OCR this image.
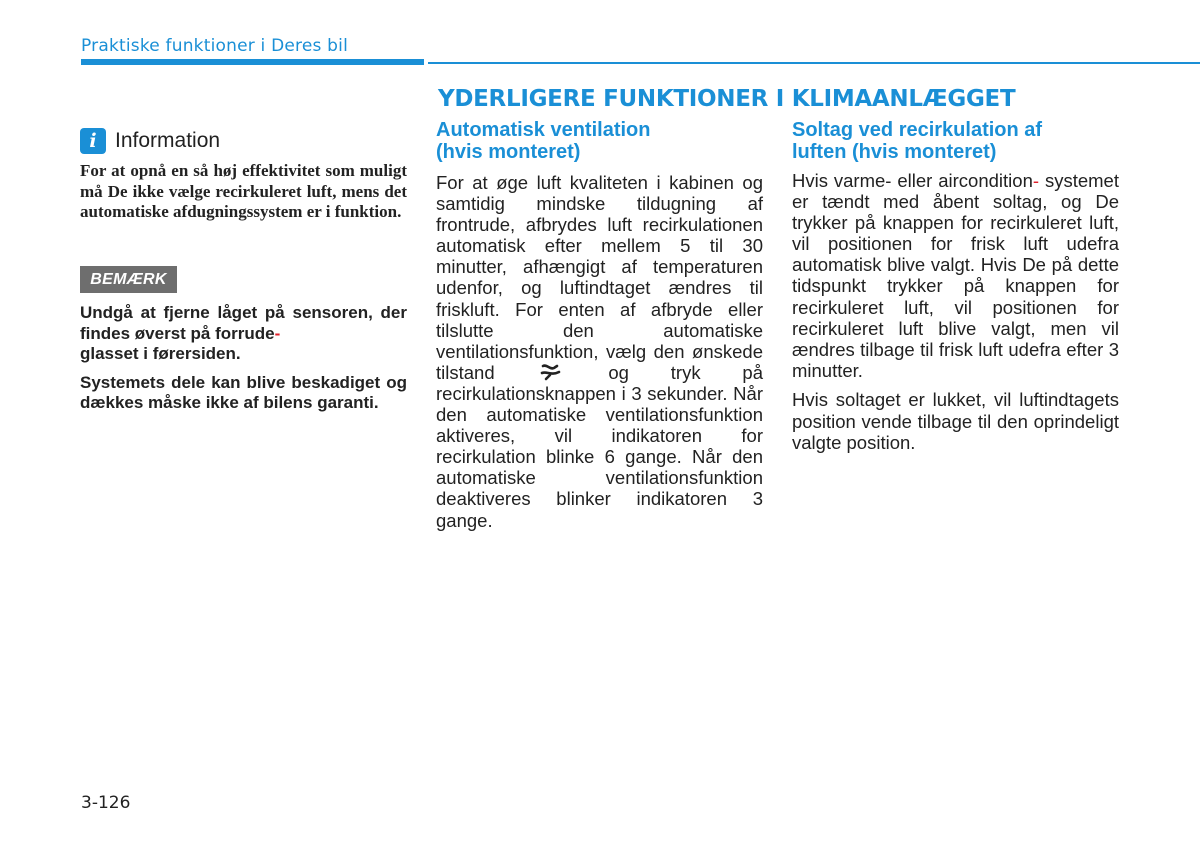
Praktiske funktioner i Deres bil
YDERLIGERE FUNKTIONER I KLIMAANLÆGGET
i Information

For at opnå en så høj effektivitet som muligt må De ikke vælge recirkuleret luft, mens det automatiske afdugningssystem er i funktion.

BEMÆRK

Undgå at fjerne låget på sensoren, der findes øverst på forrude-
glasset i førersiden.

Systemets dele kan blive beskadiget og dækkes måske ikke af bilens garanti.

Automatisk ventilation
(hvis monteret)

For at øge luft kvaliteten i kabinen og samtidig mindske tildugning af frontrude, afbrydes luft recirkulationen automatisk efter mellem 5 til 30 minutter, afhængigt af temperaturen udenfor, og luftindtaget ændres til friskluft. For enten af afbryde eller tilslutte den automatiske ventilationsfunktion, vælg den ønskede tilstand	og tryk på recirkulationsknappen i 3 sekunder. Når den automatiske ventilationsfunktion aktiveres, vil indikatoren for recirkulation blinke 6 gange. Når den automatiske ventilationsfunktion deaktiveres blinker indikatoren 3 gange.

Soltag ved recirkulation af
luften (hvis monteret)

Hvis varme- eller aircondition- systemet er tændt med åbent soltag, og De trykker på knappen for recirkuleret luft, vil positionen for frisk luft udefra automatisk blive valgt. Hvis De på dette tidspunkt trykker på knappen for recirkuleret luft, vil positionen for recirkuleret luft blive valgt, men vil ændres tilbage til frisk luft udefra efter 3 minutter.

Hvis soltaget er lukket, vil luftindtagets position vende tilbage til den oprindeligt valgte position.

3-126
